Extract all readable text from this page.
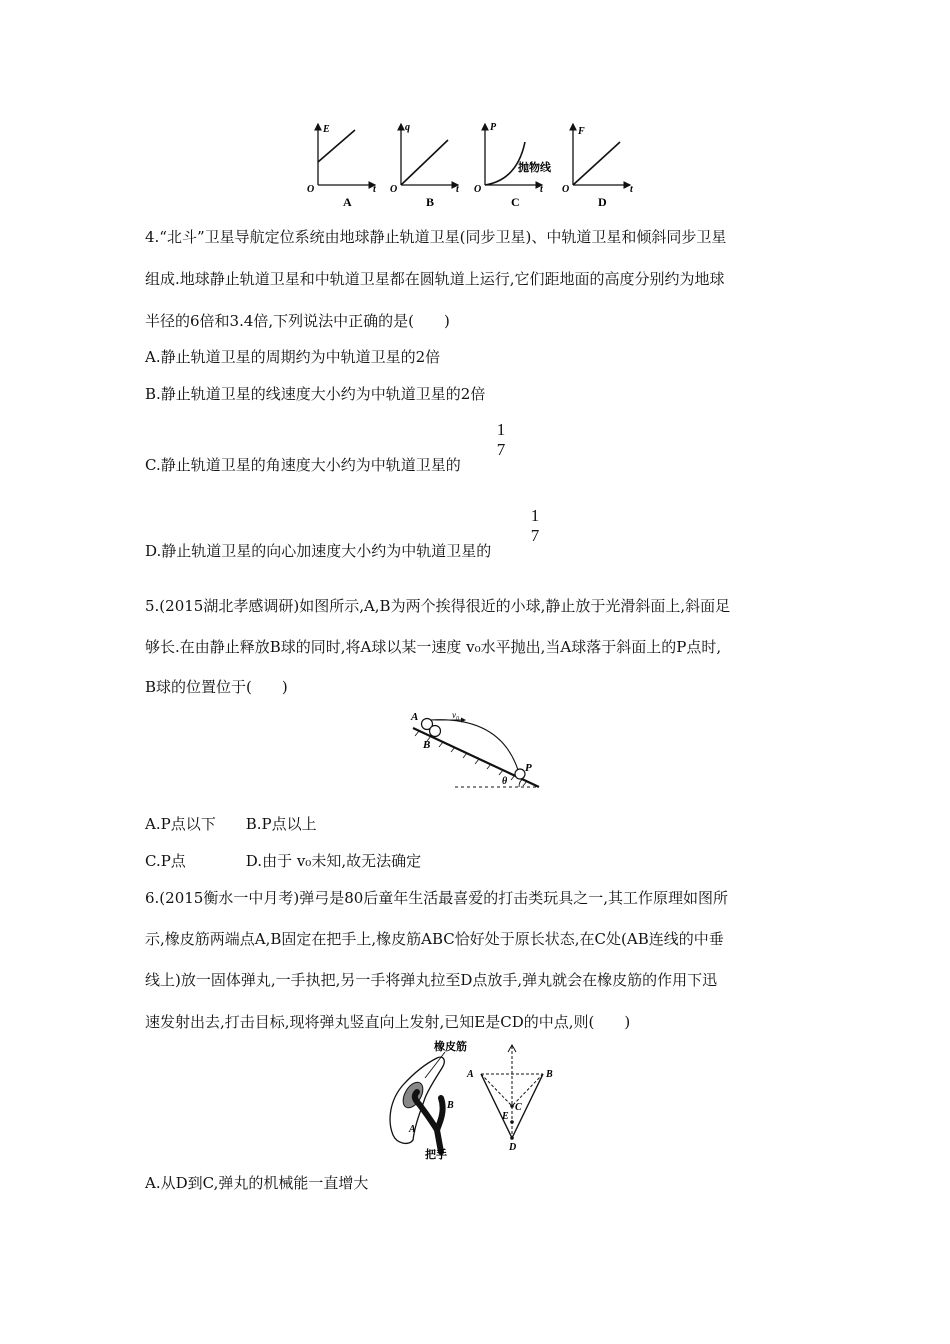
E
O	t
A
q
O	t
B
P
O	t
抛物线
C
F
O	t
D
4.“北斗”卫星导航定位系统由地球静止轨道卫星(同步卫星)、中轨道卫星和倾斜同步卫星
组成.地球静止轨道卫星和中轨道卫星都在圆轨道上运行,它们距地面的高度分别约为地球
半径的6倍和3.4倍,下列说法中正确的是(　　)
A.静止轨道卫星的周期约为中轨道卫星的2倍
B.静止轨道卫星的线速度大小约为中轨道卫星的2倍
C.静止轨道卫星的角速度大小约为中轨道卫星的
1
7
D.静止轨道卫星的向心加速度大小约为中轨道卫星的
1
7
5.(2015湖北孝感调研)如图所示,A,B为两个挨得很近的小球,静止放于光滑斜面上,斜面足
够长.在由静止释放B球的同时,将A球以某一速度 v₀水平抛出,当A球落于斜面上的P点时,
B球的位置位于(　　)
A
B
v₀
P
θ
A.P点以下　　B.P点以上
C.P点　　　　D.由于 v₀未知,故无法确定
6.(2015衡水一中月考)弹弓是80后童年生活最喜爱的打击类玩具之一,其工作原理如图所
示,橡皮筋两端点A,B固定在把手上,橡皮筋ABC恰好处于原长状态,在C处(AB连线的中垂
线上)放一固体弹丸,一手执把,另一手将弹丸拉至D点放手,弹丸就会在橡皮筋的作用下迅
速发射出去,打击目标,现将弹丸竖直向上发射,已知E是CD的中点,则(　　)
橡皮筋
B
A
把手
A	B
C
E
D
A.从D到C,弹丸的机械能一直增大
